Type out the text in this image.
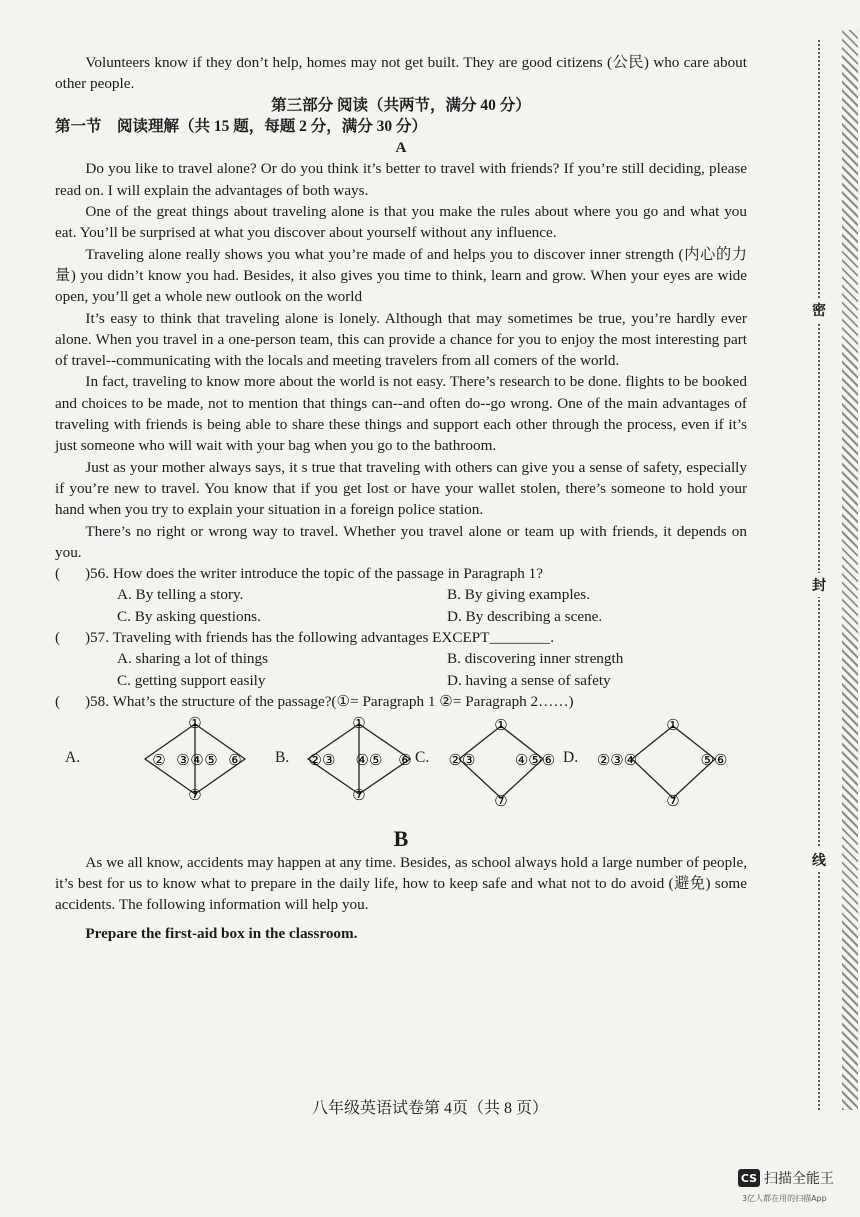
密
封
线

Volunteers know if they don’t help, homes may not get built. They are good citizens (公民) who care about other people.

第三部分 阅读（共两节，满分 40 分）

第一节　阅读理解（共 15 题，每题 2 分，满分 30 分）

A

Do you like to travel alone? Or do you think it’s better to travel with friends? If you’re still deciding, please read on. I will explain the advantages of both ways.

One of the great things about traveling alone is that you make the rules about where you go and what you eat. You’ll be surprised at what you discover about yourself without any influence.

Traveling alone really shows you what you’re made of and helps you to discover inner strength (内心的力量) you didn’t know you had. Besides, it also gives you time to think, learn and grow. When your eyes are wide open, you’ll get a whole new outlook on the world

It’s easy to think that traveling alone is lonely. Although that may sometimes be true, you’re hardly ever alone. When you travel in a one-person team, this can provide a chance for you to enjoy the most interesting part of travel--communicating with the locals and meeting travelers from all comers of the world.

In fact, traveling to know more about the world is not easy. There’s research to be done. flights to be booked and choices to be made, not to mention that things can--and often do--go wrong. One of the main advantages of traveling with friends is being able to share these things and support each other through the process, even if it’s just someone who will wait with your bag when you go to the bathroom.

Just as your mother always says, it s true that traveling with others can give you a sense of safety, especially if you’re new to travel. You know that if you get lost or have your wallet stolen, there’s someone to hold your hand when you try to explain your situation in a foreign police station.

There’s no right or wrong way to travel. Whether you travel alone or team up with friends, it depends on you.

(	)56. How does the writer introduce the topic of the passage in Paragraph 1?
A. By telling a story.	B. By giving examples.
C. By asking questions.	D. By describing a scene.
(	)57. Traveling with friends has the following advantages EXCEPT________.
A. sharing a lot of things	B. discovering inner strength
C. getting support easily	D. having a sense of safety
(	)58. What’s the structure of the passage?(①= Paragraph 1 ②= Paragraph 2……)
A.
①
② ③ ④ ⑤ ⑥
⑦
B.
①
②③ ④⑤ ⑥
⑦
C.
①
②③	④⑤⑥
⑦
D.
①
②③④	⑤⑥
⑦

B

As we all know, accidents may happen at any time. Besides, as school always hold a large number of people, it’s best for us to know what to prepare in the daily life, how to keep safe and what not to do avoid (避免) some accidents. The following information will help you.

Prepare the first-aid box in the classroom.

八年级英语试卷第 4页（共 8 页）
CS 扫描全能王
3亿人都在用的扫描App
